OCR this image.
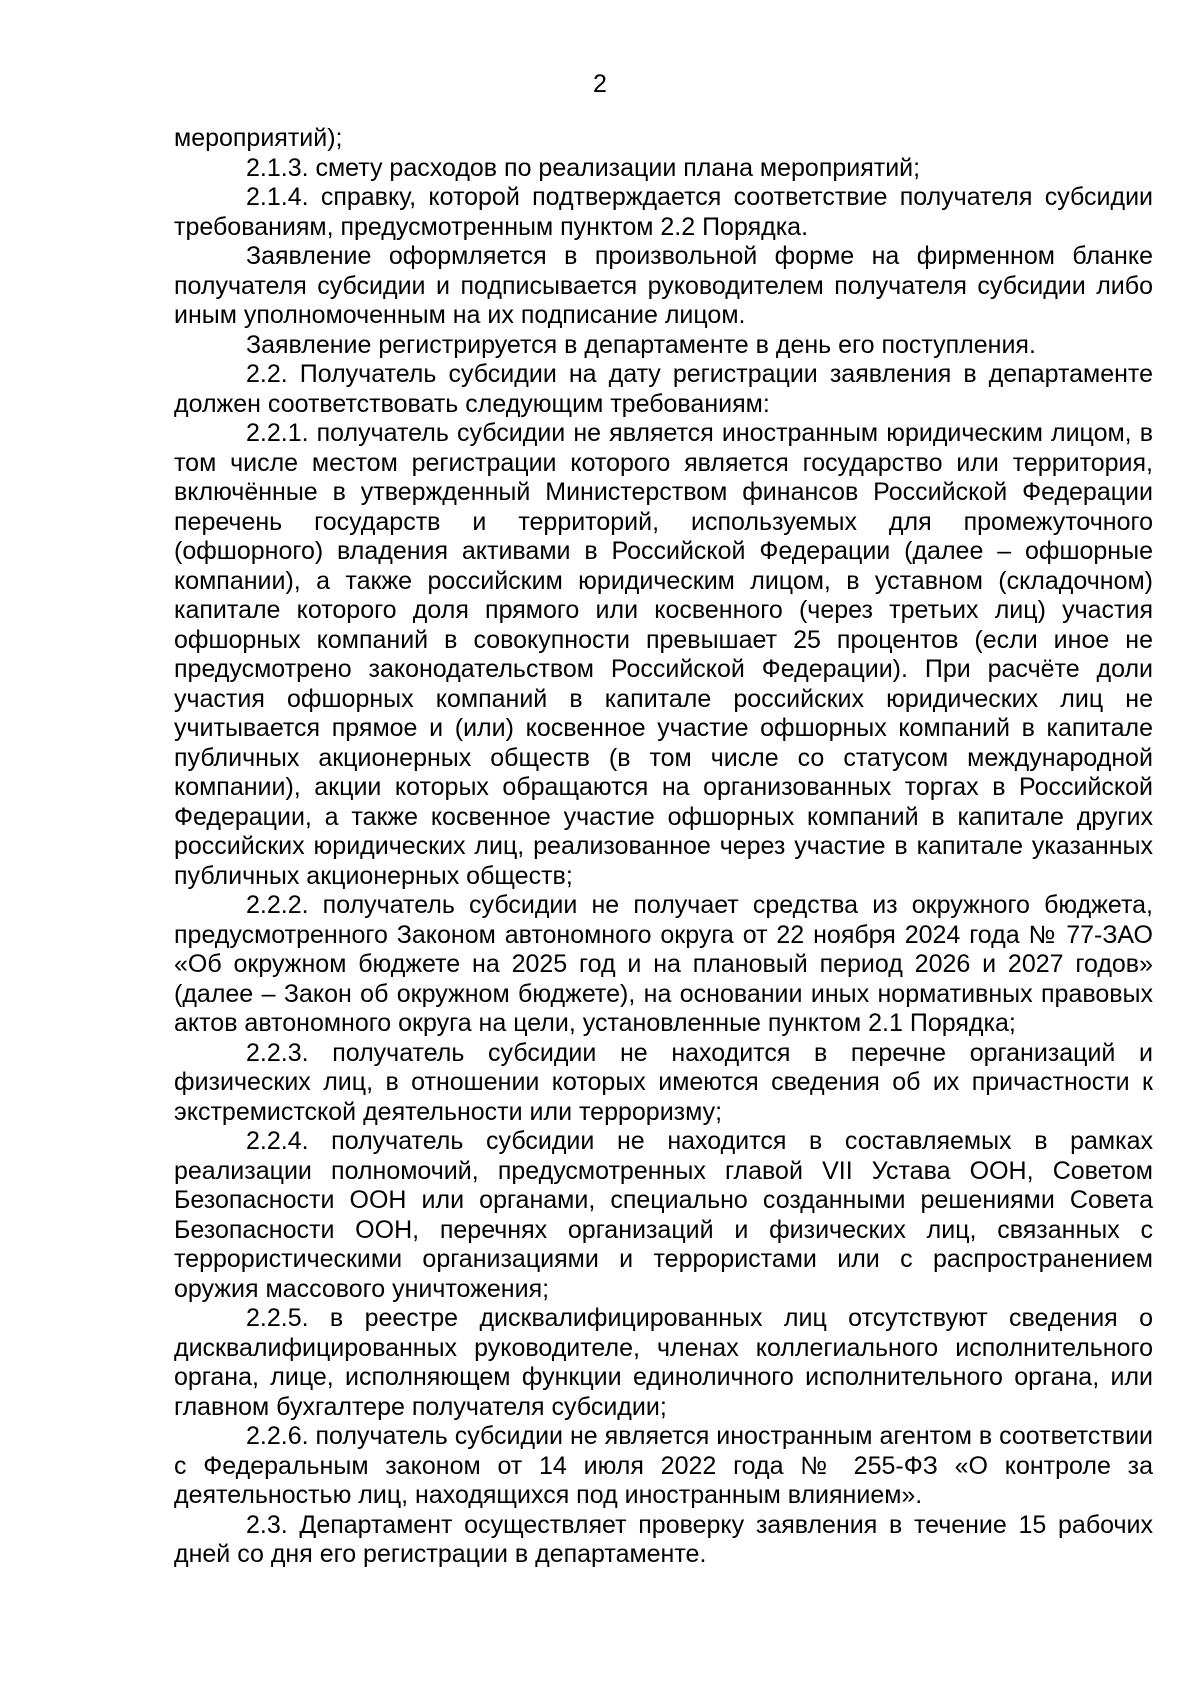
2

мероприятий);

2.1.3. смету расходов по реализации плана мероприятий;

2.1.4. справку, которой подтверждается соответствие получателя субсидии требованиям, предусмотренным пунктом 2.2 Порядка.

Заявление оформляется в произвольной форме на фирменном бланке получателя субсидии и подписывается руководителем получателя субсидии либо иным уполномоченным на их подписание лицом.

Заявление регистрируется в департаменте в день его поступления.

2.2. Получатель субсидии на дату регистрации заявления в департаменте должен соответствовать следующим требованиям:

2.2.1. получатель субсидии не является иностранным юридическим лицом, в том числе местом регистрации которого является государство или территория, включённые в утвержденный Министерством финансов Российской Федерации перечень государств и территорий, используемых для промежуточного (офшорного) владения активами в Российской Федерации (далее – офшорные компании), а также российским юридическим лицом, в уставном (складочном) капитале которого доля прямого или косвенного (через третьих лиц) участия офшорных компаний в совокупности превышает 25 процентов (если иное не предусмотрено законодательством Российской Федерации). При расчёте доли участия офшорных компаний в капитале российских юридических лиц не учитывается прямое и (или) косвенное участие офшорных компаний в капитале публичных акционерных обществ (в том числе со статусом международной компании), акции которых обращаются на организованных торгах в Российской Федерации, а также косвенное участие офшорных компаний в капитале других российских юридических лиц, реализованное через участие в капитале указанных публичных акционерных обществ;

2.2.2. получатель субсидии не получает средства из окружного бюджета, предусмотренного Законом автономного округа от 22 ноября 2024 года № 77-ЗАО «Об окружном бюджете на 2025 год и на плановый период 2026 и 2027 годов» (далее – Закон об окружном бюджете), на основании иных нормативных правовых актов автономного округа на цели, установленные пунктом 2.1 Порядка;

2.2.3. получатель субсидии не находится в перечне организаций и физических лиц, в отношении которых имеются сведения об их причастности к экстремистской деятельности или терроризму;

2.2.4. получатель субсидии не находится в составляемых в рамках реализации полномочий, предусмотренных главой VII Устава ООН, Советом Безопасности ООН или органами, специально созданными решениями Совета Безопасности ООН, перечнях организаций и физических лиц, связанных с террористическими организациями и террористами или с распространением оружия массового уничтожения;

2.2.5. в реестре дисквалифицированных лиц отсутствуют сведения о дисквалифицированных руководителе, членах коллегиального исполнительного органа, лице, исполняющем функции единоличного исполнительного органа, или главном бухгалтере получателя субсидии;

2.2.6. получатель субсидии не является иностранным агентом в соответствии с Федеральным законом от 14 июля 2022 года № 255-ФЗ «О контроле за деятельностью лиц, находящихся под иностранным влиянием».

2.3. Департамент осуществляет проверку заявления в течение 15 рабочих дней со дня его регистрации в департаменте.
